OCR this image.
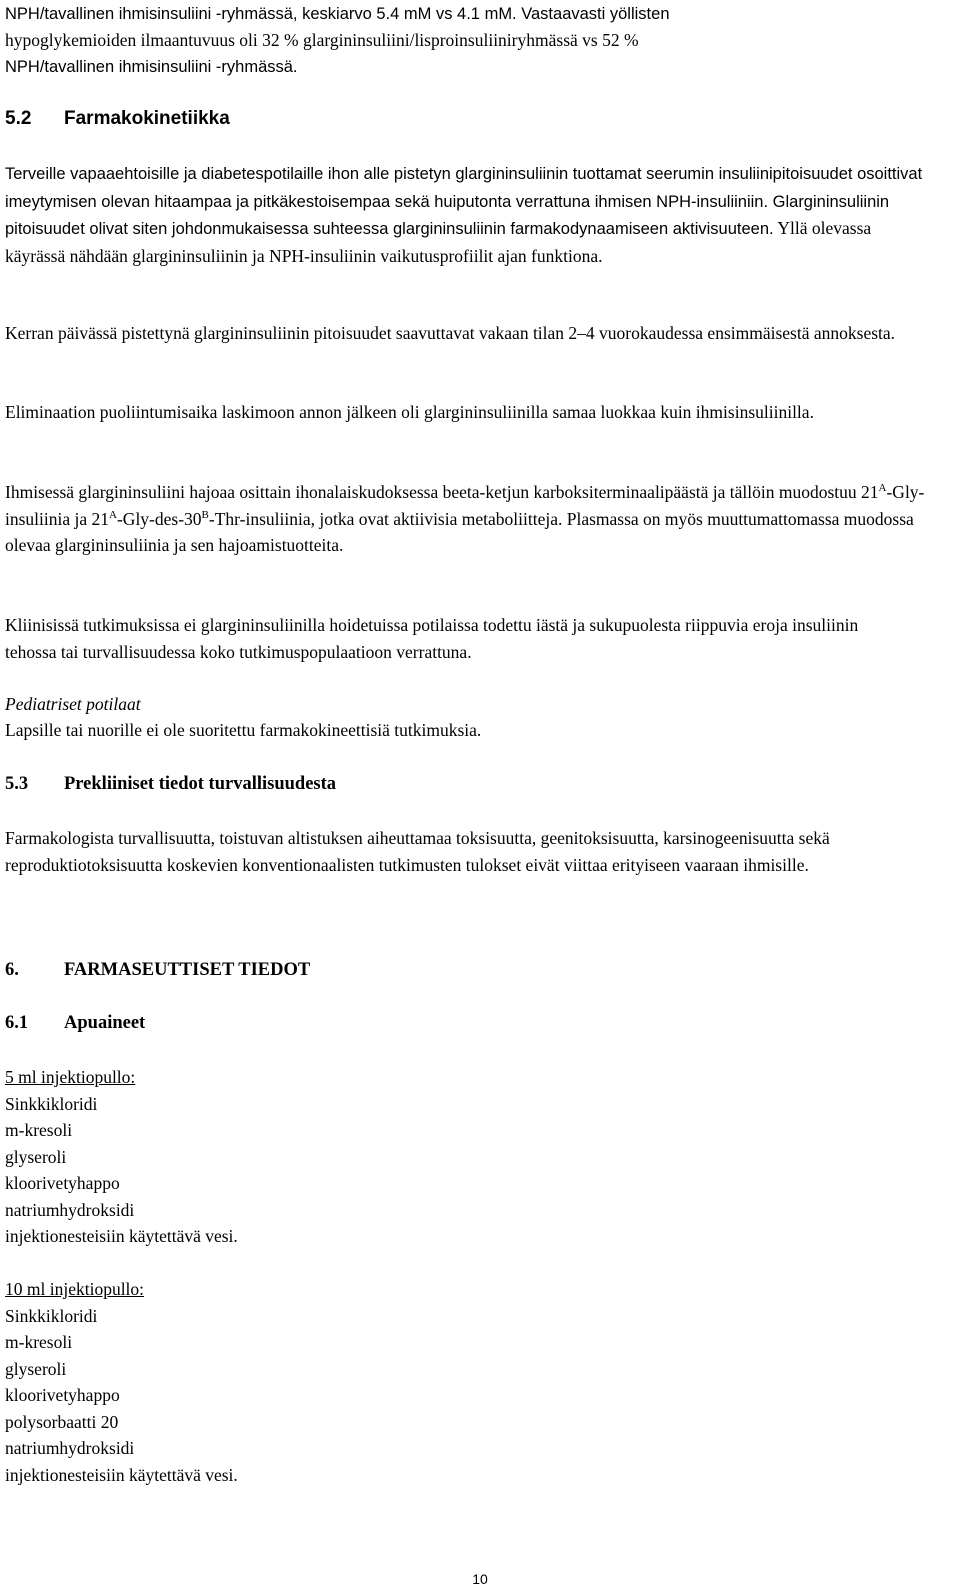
NPH/tavallinen ihmisinsuliini -ryhmässä, keskiarvo 5.4 mM vs 4.1 mM. Vastaavasti yöllisten

hypoglykemioiden ilmaantuvuus oli 32 % glargininsuliini/lisproinsuliiniryhmässä vs 52 %

NPH/tavallinen ihmisinsuliini -ryhmässä.

5.2	Farmakokinetiikka

Terveille vapaaehtoisille ja diabetespotilaille ihon alle pistetyn glargininsuliinin tuottamat seerumin insuliinipitoisuudet osoittivat imeytymisen olevan hitaampaa ja pitkäkestoisempaa sekä huiputonta verrattuna ihmisen NPH-insuliiniin. Glargininsuliinin pitoisuudet olivat siten johdonmukaisessa suhteessa glargininsuliinin farmakodynaamiseen aktivisuuteen. Yllä olevassa käyrässä nähdään glargininsuliinin ja NPH-insuliinin vaikutusprofiilit ajan funktiona.

Kerran päivässä pistettynä glargininsuliinin pitoisuudet saavuttavat vakaan tilan 2–4 vuorokaudessa ensimmäisestä annoksesta.

Eliminaation puoliintumisaika laskimoon annon jälkeen oli glargininsuliinilla samaa luokkaa kuin ihmisinsuliinilla.

Ihmisessä glargininsuliini hajoaa osittain ihonalaiskudoksessa beeta-ketjun karboksiterminaalipäästä ja tällöin muodostuu $21^A-Gly$-insuliinia ja $21^A-Gly-des-30^B-Thr$-insuliinia, jotka ovat aktiivisia metaboliitteja. Plasmassa on myös muuttumattomassa muodossa olevaa glargininsuliinia ja sen hajoamistuotteita.

Kliinisissä tutkimuksissa ei glargininsuliinilla hoidetuissa potilaissa todettu iästä ja sukupuolesta riippuvia eroja insuliinin tehossa tai turvallisuudessa koko tutkimuspopulaatioon verrattuna.

Pediatriset potilaat

Lapsille tai nuorille ei ole suoritettu farmakokineettisiä tutkimuksia.

5.3	Prekliiniset tiedot turvallisuudesta

Farmakologista turvallisuutta, toistuvan altistuksen aiheuttamaa toksisuutta, geenitoksisuutta, karsinogeenisuutta sekä reproduktiotoksisuutta koskevien konventionaalisten tutkimusten tulokset eivät viittaa erityiseen vaaraan ihmisille.

6.	FARMASEUTTISET TIEDOT
6.1	Apuaineet
5 ml injektiopullo:
Sinkkikloridi
m-kresoli
glyseroli
kloorivetyhappo
natriumhydroksidi
injektionesteisiin käytettävä vesi.
10 ml injektiopullo:
Sinkkikloridi
m-kresoli
glyseroli
kloorivetyhappo
polysorbaatti 20
natriumhydroksidi
injektionesteisiin käytettävä vesi.
10
